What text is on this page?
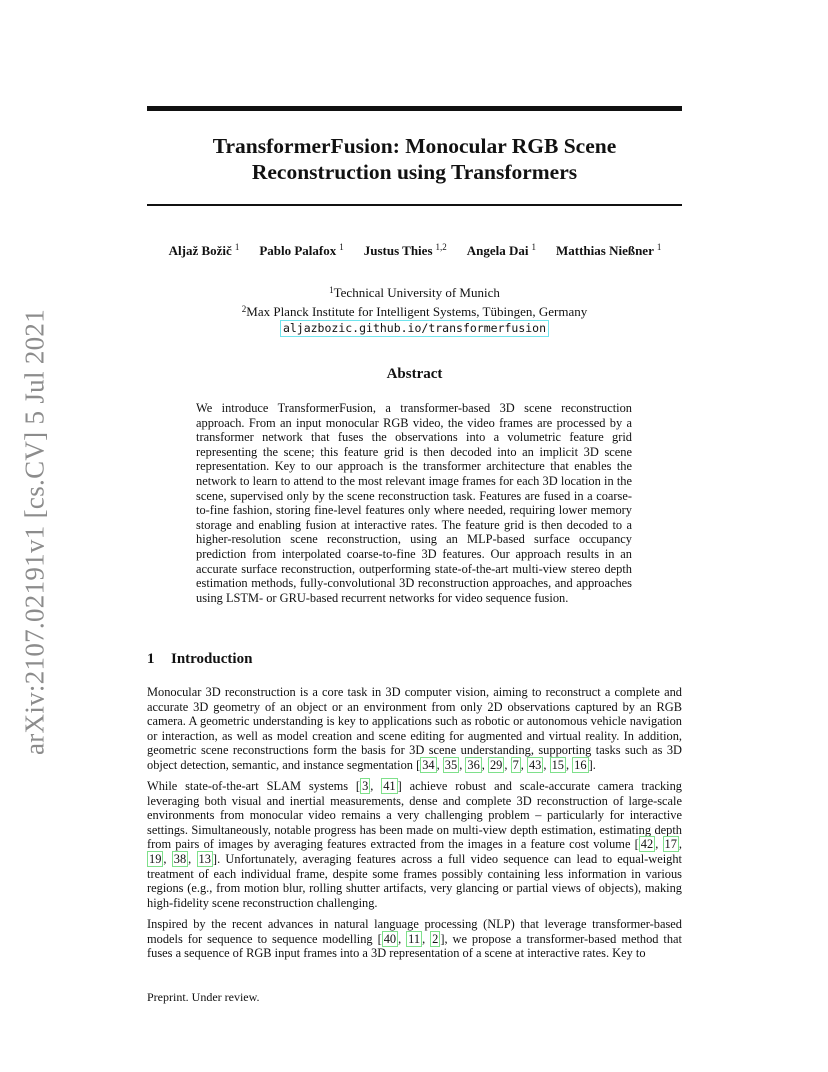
arXiv:2107.02191v1 [cs.CV] 5 Jul 2021
TransformerFusion: Monocular RGB Scene
Reconstruction using Transformers
Aljaž Božič $^1$ Pablo Palafox $^1$ Justus Thies $^{1,2}$ Angela Dai $^1$ Matthias Nießner $^1$
$^1$Technical University of Munich
$^2$Max Planck Institute for Intelligent Systems, Tübingen, Germany
aljazbozic.github.io/transformerfusion
Abstract
We introduce TransformerFusion, a transformer-based 3D scene reconstruction approach. From an input monocular RGB video, the video frames are processed by a transformer network that fuses the observations into a volumetric feature grid representing the scene; this feature grid is then decoded into an implicit 3D scene representation. Key to our approach is the transformer architecture that enables the network to learn to attend to the most relevant image frames for each 3D location in the scene, supervised only by the scene reconstruction task. Features are fused in a coarse-to-fine fashion, storing fine-level features only where needed, requiring lower memory storage and enabling fusion at interactive rates. The feature grid is then decoded to a higher-resolution scene reconstruction, using an MLP-based surface occupancy prediction from interpolated coarse-to-fine 3D features. Our approach results in an accurate surface reconstruction, outperforming state-of-the-art multi-view stereo depth estimation methods, fully-convolutional 3D reconstruction approaches, and approaches using LSTM- or GRU-based recurrent networks for video sequence fusion.
1 Introduction

Monocular 3D reconstruction is a core task in 3D computer vision, aiming to reconstruct a complete and accurate 3D geometry of an object or an environment from only 2D observations captured by an RGB camera. A geometric understanding is key to applications such as robotic or autonomous vehicle navigation or interaction, as well as model creation and scene editing for augmented and virtual reality. In addition, geometric scene reconstructions form the basis for 3D scene understanding, supporting tasks such as 3D object detection, semantic, and instance segmentation [ 34 , 35 , 36 , 29 , 7 , 43 , 15 , 16 ].

While state-of-the-art SLAM systems [ 3 , 41 ] achieve robust and scale-accurate camera tracking leveraging both visual and inertial measurements, dense and complete 3D reconstruction of large-scale environments from monocular video remains a very challenging problem – particularly for interactive settings. Simultaneously, notable progress has been made on multi-view depth estimation, estimating depth from pairs of images by averaging features extracted from the images in a feature cost volume [ 42 , 17 , 19 , 38 , 13 ]. Unfortunately, averaging features across a full video sequence can lead to equal-weight treatment of each individual frame, despite some frames possibly containing less information in various regions (e.g., from motion blur, rolling shutter artifacts, very glancing or partial views of objects), making high-fidelity scene reconstruction challenging.

Inspired by the recent advances in natural language processing (NLP) that leverage transformer-based models for sequence to sequence modelling [ 40 , 11 , 2 ], we propose a transformer-based method that fuses a sequence of RGB input frames into a 3D representation of a scene at interactive rates. Key to

Preprint. Under review.
